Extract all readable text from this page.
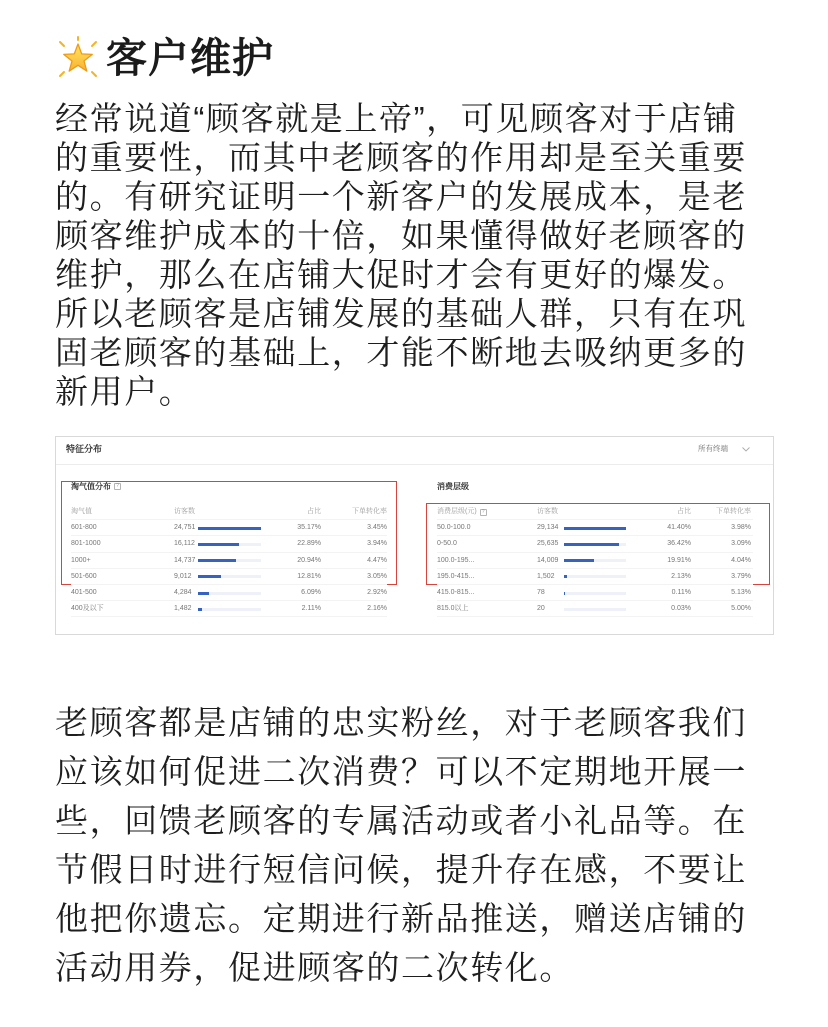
客户维护
经常说道“顾客就是上帝”，可见顾客对于店铺
的重要性，而其中老顾客的作用却是至关重要
的。有研究证明一个新客户的发展成本，是老
顾客维护成本的十倍，如果懂得做好老顾客的
维护，那么在店铺大促时才会有更好的爆发。
所以老顾客是店铺发展的基础人群，只有在巩
固老顾客的基础上，才能不断地去吸纳更多的
新用户。
特征分布	所有终端
淘气值分布 ?	消费层级
淘气值	访客数	占比	下单转化率
601-800	24,751	35.17%	3.45%
801-1000	16,112	22.89%	3.94%
1000+	14,737	20.94%	4.47%
501-600	9,012	12.81%	3.05%
401-500	4,284	6.09%	2.92%
400及以下	1,482	2.11%	2.16%
消费层级(元) ?	访客数	占比	下单转化率
50.0-100.0	29,134	41.40%	3.98%
0-50.0	25,635	36.42%	3.09%
100.0-195...	14,009	19.91%	4.04%
195.0-415...	1,502	2.13%	3.79%
415.0-815...	78	0.11%	5.13%
815.0以上	20	0.03%	5.00%
老顾客都是店铺的忠实粉丝，对于老顾客我们
应该如何促进二次消费？可以不定期地开展一
些，回馈老顾客的专属活动或者小礼品等。在
节假日时进行短信问候，提升存在感，不要让
他把你遗忘。定期进行新品推送，赠送店铺的
活动用券，促进顾客的二次转化。
